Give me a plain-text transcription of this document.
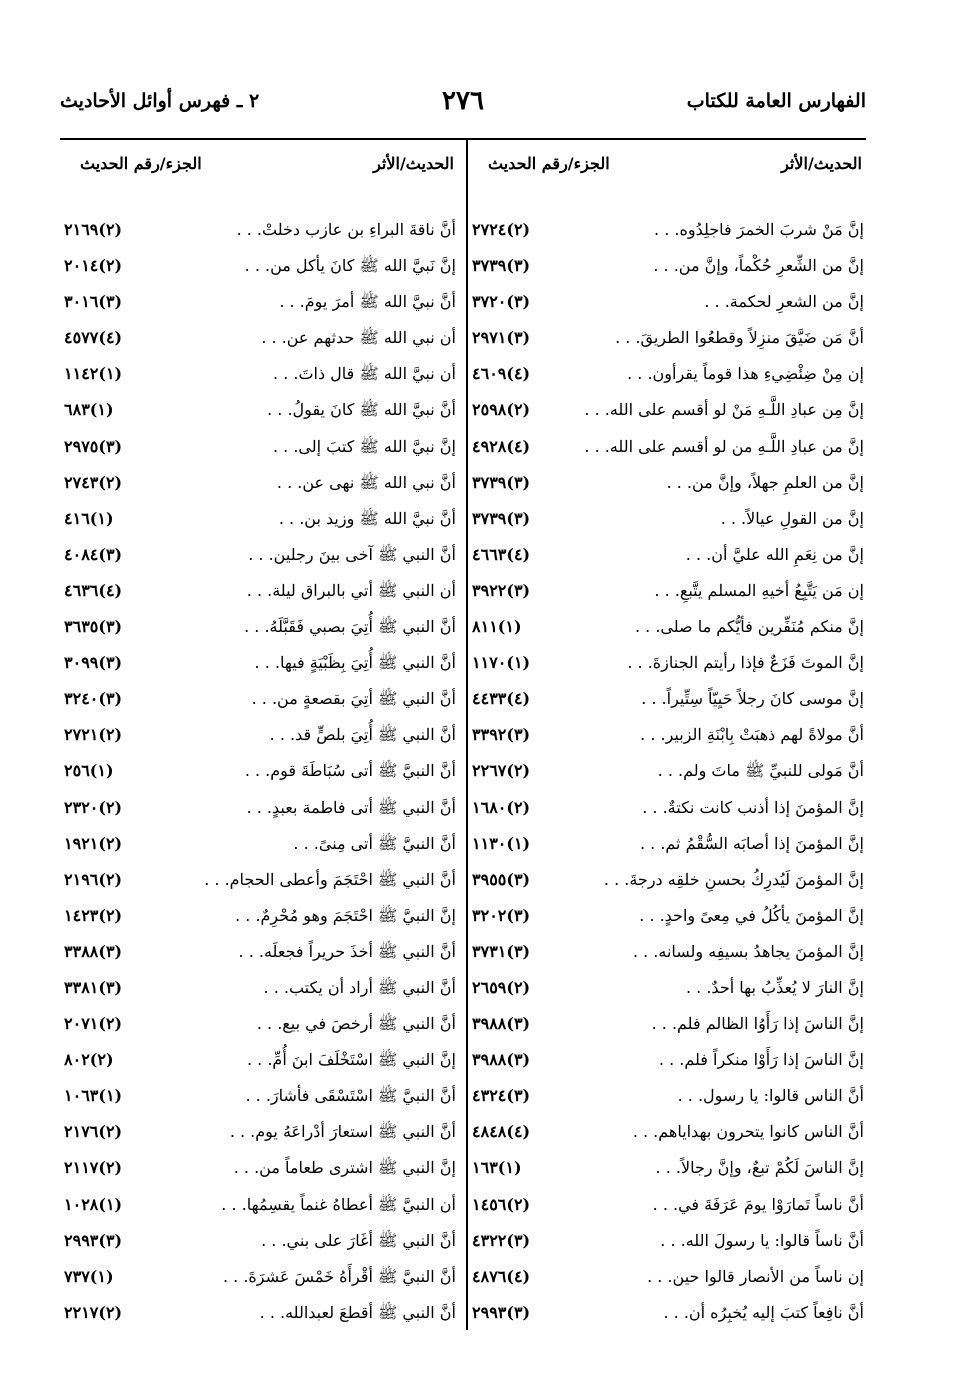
الفهارس العامة للكتاب
٢٧٦
٢ ـ فهرس أوائل الأحاديث
الحديث/الأثر
الجزء/رقم الحديث
إنَّ مَنْ شربَ الخمرَ فاجلِدُوه. . .
(٢)٢٧٢٤
إنَّ من الشِّعرِ حُكْماً، وإنَّ من. . .
(٣)٣٧٣٩
إنَّ من الشعرِ لحكمة. . .
(٣)٣٧٢٠
أنَّ مَن ضَيَّقَ منزِلاً وقطعُوا الطريقَ. . .
(٣)٢٩٧١
إن مِنْ ضِئْضِيءِ هذا قوماً يقرأون. . .
(٤)٤٦٠٩
إنَّ مِن عبادِ اللَّـهِ مَنْ لو أقسم على الله. . .
(٢)٢٥٩٨
إنَّ من عبادِ اللَّـهِ من لو أقسم على الله. . .
(٤)٤٩٢٨
إنَّ من العلمِ جهلاً، وإنَّ من. . .
(٣)٣٧٣٩
إنَّ من القولِ عيالاً. . .
(٣)٣٧٣٩
إنَّ من نِعَمِ الله عليَّ أن. . .
(٤)٤٦٦٣
إن مَن يَتَّبِعُ أخيهِ المسلم يتَّبعِ. . .
(٣)٣٩٢٢
إنَّ منكم مُنَفِّرين فأيُّكم ما صلى. . .
(١)٨١١
إنَّ الموتَ فَزَعٌ فإذا رأيتم الجنازةَ. . .
(١)١١٧٠
إنَّ موسى كانَ رجلاً حَيِيّاً سِتِّيراً. . .
(٤)٤٤٣٣
أنَّ مولاةً لهم ذهبَتْ بِابْنَةِ الزبير. . .
(٣)٣٣٩٢
أنَّ مَولى للنبيِّ ﷺ ماتَ ولم. . .
(٢)٢٢٦٧
إنَّ المؤمنَ إذا أذنب كانت نكتةٌ. . .
(٢)١٦٨٠
إنَّ المؤمنَ إذا أصابَه السُّقْمُ ثم. . .
(١)١١٣٠
إنَّ المؤمنَ لَيُدرِكُ بحسنِ خلقِه درجةَ. . .
(٣)٣٩٥٥
إنَّ المؤمنَ يأكُلُ في مِعىً واحدٍ. . .
(٣)٣٢٠٢
إنَّ المؤمنَ يجاهدُ بسيفِه ولسانه. . .
(٣)٣٧٣١
إنَّ النارَ لا يُعذِّبُ بها أحدٌ. . .
(٢)٢٦٥٩
إنَّ الناسَ إذا رَأَوُا الظالم فلم. . .
(٣)٣٩٨٨
إنَّ الناسَ إذا رَأَوْا منكراً فلم. . .
(٣)٣٩٨٨
أنَّ الناس قالوا: يا رسول. . .
(٣)٤٣٢٤
أنَّ الناس كانوا يتحرون بهداياهم. . .
(٤)٤٨٤٨
إنَّ الناسَ لَكُمْ تبعٌ، وإنَّ رجالاً. . .
(١)١٦٣
أنَّ ناساً تَمارَوْا يومَ عَرَفَةَ في. . .
(٢)١٤٥٦
أنَّ ناساً قالوا: يا رسولَ الله. . .
(٣)٤٣٢٢
إن ناساً من الأنصار قالوا حين. . .
(٤)٤٨٧٦
أنَّ نافِعاً كتبَ إليه يُخبِرُه أن. . .
(٣)٢٩٩٣
الحديث/الأثر
الجزء/رقم الحديث
أنَّ ناقةَ البراءِ بن عازب دخلتْ. . .
(٢)٢١٦٩
إنَّ نَبيَّ الله ﷺ كانَ يأكل من. . .
(٢)٢٠١٤
أنَّ نبيَّ الله ﷺ أمرَ يومَ. . .
(٣)٣٠١٦
أن نبي الله ﷺ حدثهم عن. . .
(٤)٤٥٧٧
أن نبيَّ الله ﷺ قال ذاتَ. . .
(١)١١٤٢
أنَّ نبيَّ الله ﷺ كانَ يقولُ. . .
(١)٦٨٣
إنَّ نبيَّ الله ﷺ كتبَ إلى. . .
(٣)٢٩٧٥
أنَّ نبي الله ﷺ نهى عن. . .
(٢)٢٧٤٣
أنَّ نبيَّ الله ﷺ وزيد بن. . .
(١)٤١٦
أنَّ النبي ﷺ آخى بينَ رجلين. . .
(٣)٤٠٨٤
أن النبي ﷺ أتي بالبراق ليلة. . .
(٤)٤٦٣٦
أنَّ النبي ﷺ أُتِيَ بصبي فَقَبَّلَهُ. . .
(٣)٣٦٣٥
أنَّ النبي ﷺ أُتِيَ بِظَبْيَةٍ فيها. . .
(٣)٣٠٩٩
أنَّ النبي ﷺ أتِيَ بقصعةٍ من. . .
(٣)٣٢٤٠
أنَّ النبي ﷺ أُتِيَ بلصٍّ قد. . .
(٢)٢٧٢١
أنَّ النبيَّ ﷺ أتى سُبَاطَةَ قوم. . .
(١)٢٥٦
أنَّ النبي ﷺ أتى فاطمة بعبدٍ. . .
(٢)٢٣٢٠
أنَّ النبيَّ ﷺ أتى مِنىً. . .
(٢)١٩٢١
أنَّ النبي ﷺ احْتَجَمَ وأعطى الحجام. . .
(٢)٢١٩٦
إنَّ النبيَّ ﷺ احْتَجَمَ وهو مُحْرِمٌ. . .
(٢)١٤٢٣
أنَّ النبي ﷺ أخذَ حريراً فجعلَه. . .
(٣)٣٣٨٨
أنَّ النبي ﷺ أراد أن يكتب. . .
(٣)٣٣٨١
أنَّ النبي ﷺ أرخصَ في بيع. . .
(٢)٢٠٧١
إنَّ النبي ﷺ اسْتَخْلَفَ ابنَ أُمِّ. . .
(٢)٨٠٢
أنَّ النبيَّ ﷺ اسْتَسْقَى فأشارَ. . .
(١)١٠٦٣
أنَّ النبي ﷺ استعارَ أدْراعَهُ يوم. . .
(٢)٢١٧٦
إنَّ النبي ﷺ اشترى طعاماً من. . .
(٢)٢١١٧
أن النبيَّ ﷺ أعطاهُ غنماً يقسِمُها. . .
(١)١٠٢٨
أنَّ النبي ﷺ أغَارَ على بني. . .
(٣)٢٩٩٣
أنَّ النبيَّ ﷺ أقْرأَهُ خَمْسَ عَشرَةَ. . .
(١)٧٣٧
أنَّ النبي ﷺ أقطعَ لعبدالله. . .
(٢)٢٢١٧
